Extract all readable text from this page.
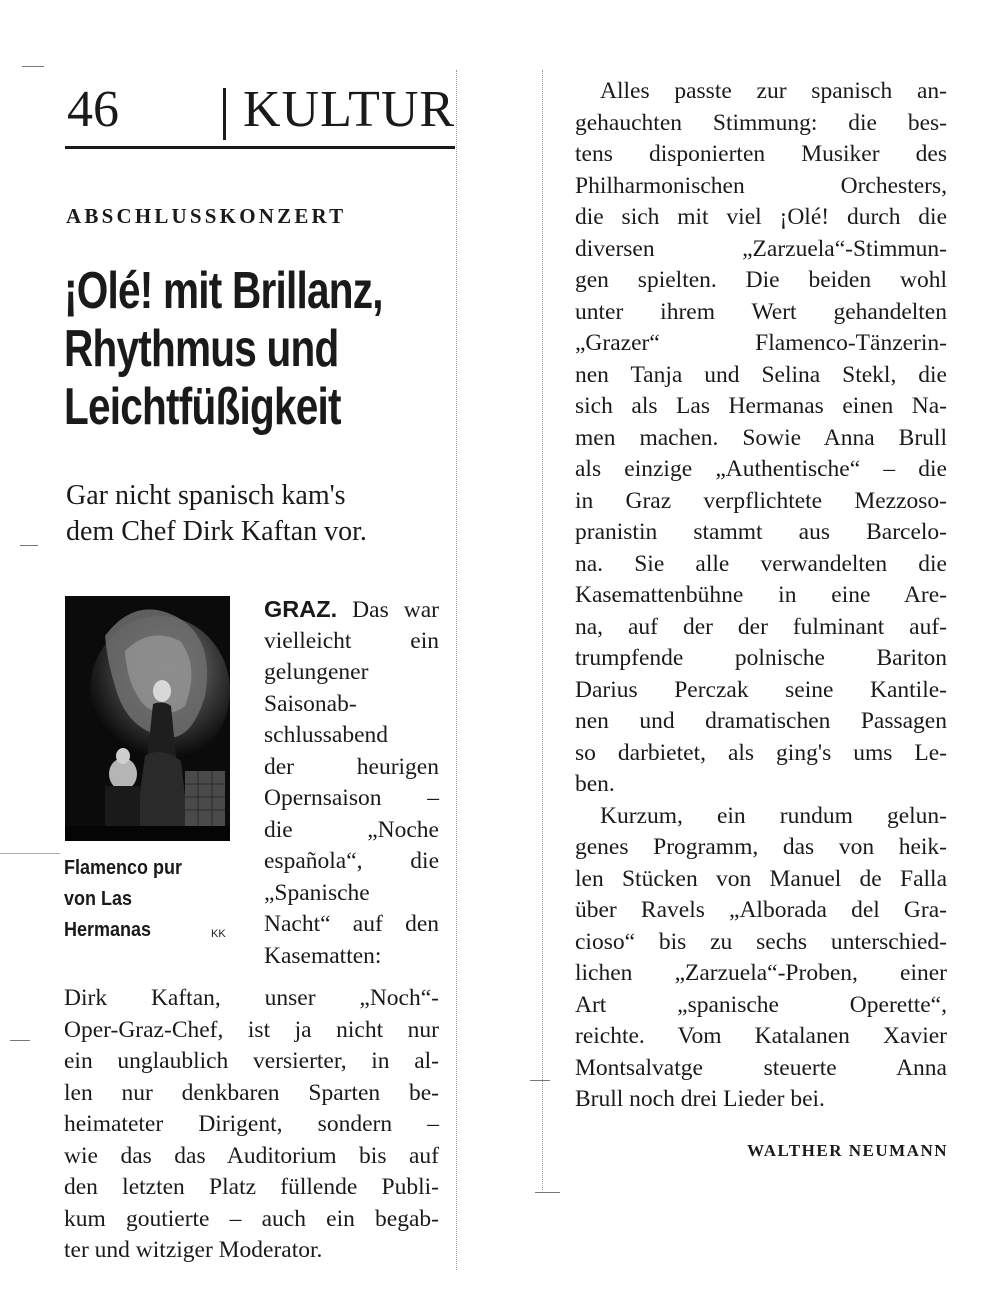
46 KULTUR
ABSCHLUSSKONZERT
¡Olé! mit Brillanz,
Rhythmus und
Leichtfüßigkeit
Gar nicht spanisch kam's
dem Chef Dirk Kaftan vor.
Flamenco pur
von Las
Hermanas	KK
GRAZ. Das war
vielleicht ein
gelungener
Saisonab-
schlussabend
der heurigen
Opernsaison –
die „Noche
española“, die
„Spanische
Nacht“ auf den
Kasematten:
Dirk Kaftan, unser „Noch“-
Oper-Graz-Chef, ist ja nicht nur
ein unglaublich versierter, in al-
len nur denkbaren Sparten be-
heimateter Dirigent, sondern –
wie das das Auditorium bis auf
den letzten Platz füllende Publi-
kum goutierte – auch ein begab-
ter und witziger Moderator.
Alles passte zur spanisch an-
gehauchten Stimmung: die bes-
tens disponierten Musiker des
Philharmonischen Orchesters,
die sich mit viel ¡Olé! durch die
diversen „Zarzuela“-Stimmun-
gen spielten. Die beiden wohl
unter ihrem Wert gehandelten
„Grazer“ Flamenco-Tänzerin-
nen Tanja und Selina Stekl, die
sich als Las Hermanas einen Na-
men machen. Sowie Anna Brull
als einzige „Authentische“ – die
in Graz verpflichtete Mezzoso-
pranistin stammt aus Barcelo-
na. Sie alle verwandelten die
Kasemattenbühne in eine Are-
na, auf der der fulminant auf-
trumpfende polnische Bariton
Darius Perczak seine Kantile-
nen und dramatischen Passagen
so darbietet, als ging's ums Le-
ben.
Kurzum, ein rundum gelun-
genes Programm, das von heik-
len Stücken von Manuel de Falla
über Ravels „Alborada del Gra-
cioso“ bis zu sechs unterschied-
lichen „Zarzuela“-Proben, einer
Art „spanische Operette“,
reichte. Vom Katalanen Xavier
Montsalvatge steuerte Anna
Brull noch drei Lieder bei.
WALTHER NEUMANN
